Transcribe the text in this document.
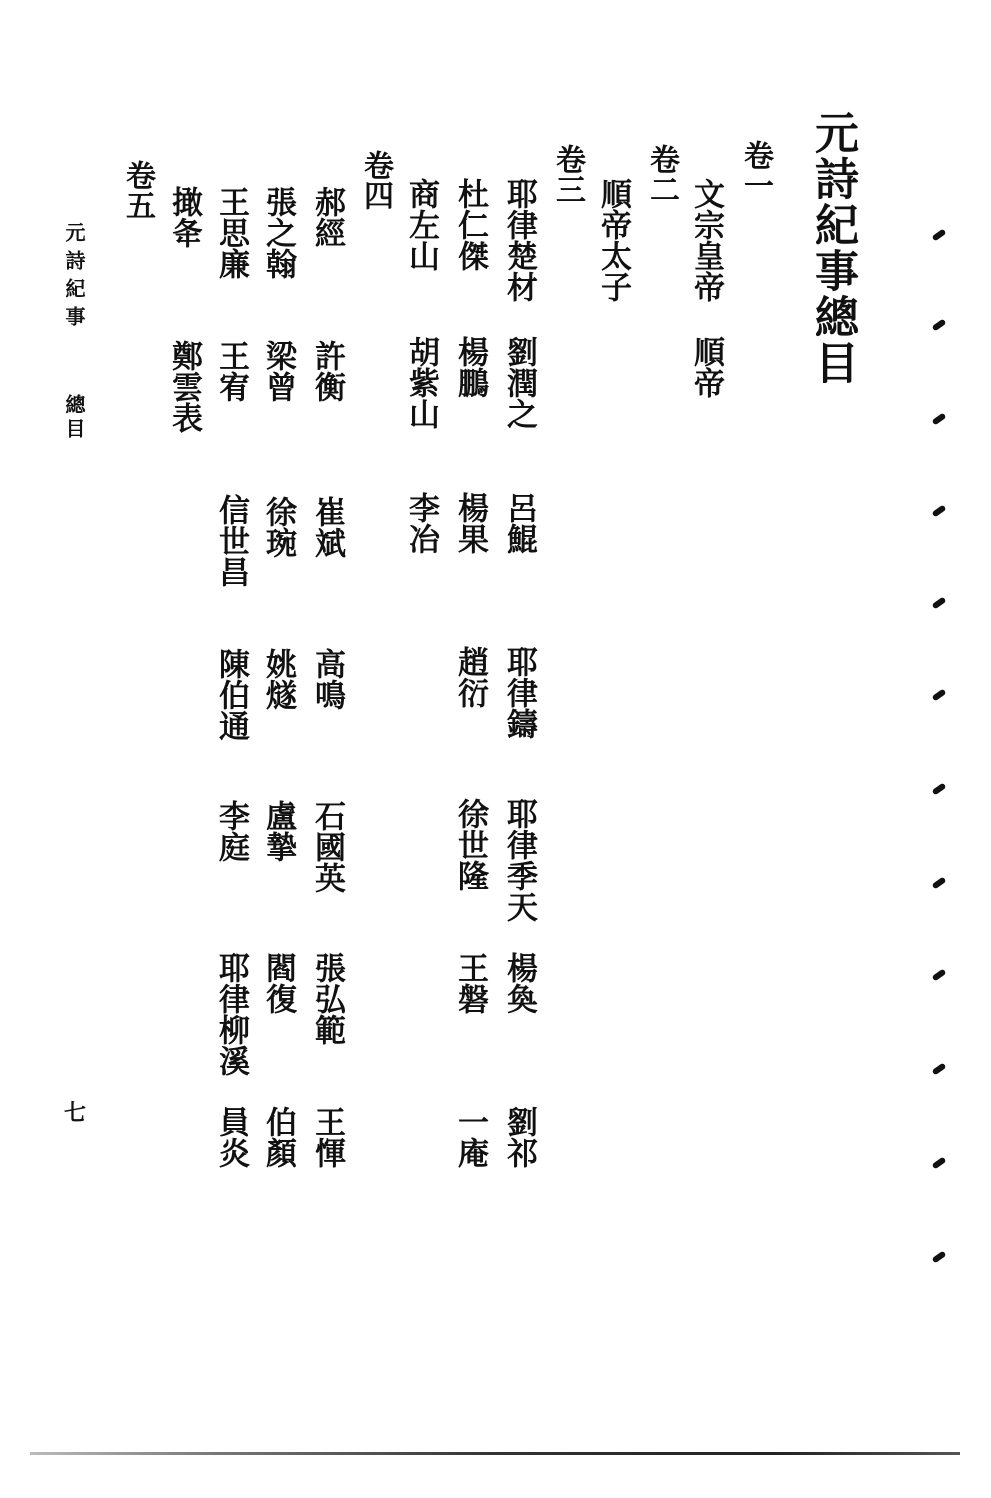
元詩紀事總目
卷一
文宗皇帝
順帝
卷二
順帝太子
卷三
耶律楚材
劉潤之
呂鯤
耶律鑄
耶律季天
楊奐
劉祁
杜仁傑
楊鵬
楊果
趙衍
徐世隆
王磐
一庵
商左山
胡紫山
李冶
卷四
郝經
許衡
崔斌
高鳴
石國英
張弘範
王惲
張之翰
梁曾
徐琬
姚燧
盧摯
閻復
伯顏
王思廉
王宥
信世昌
陳伯通
李庭
耶律柳溪
員炎
撖夅
鄭雲表
卷五
元詩紀事
總目
七
